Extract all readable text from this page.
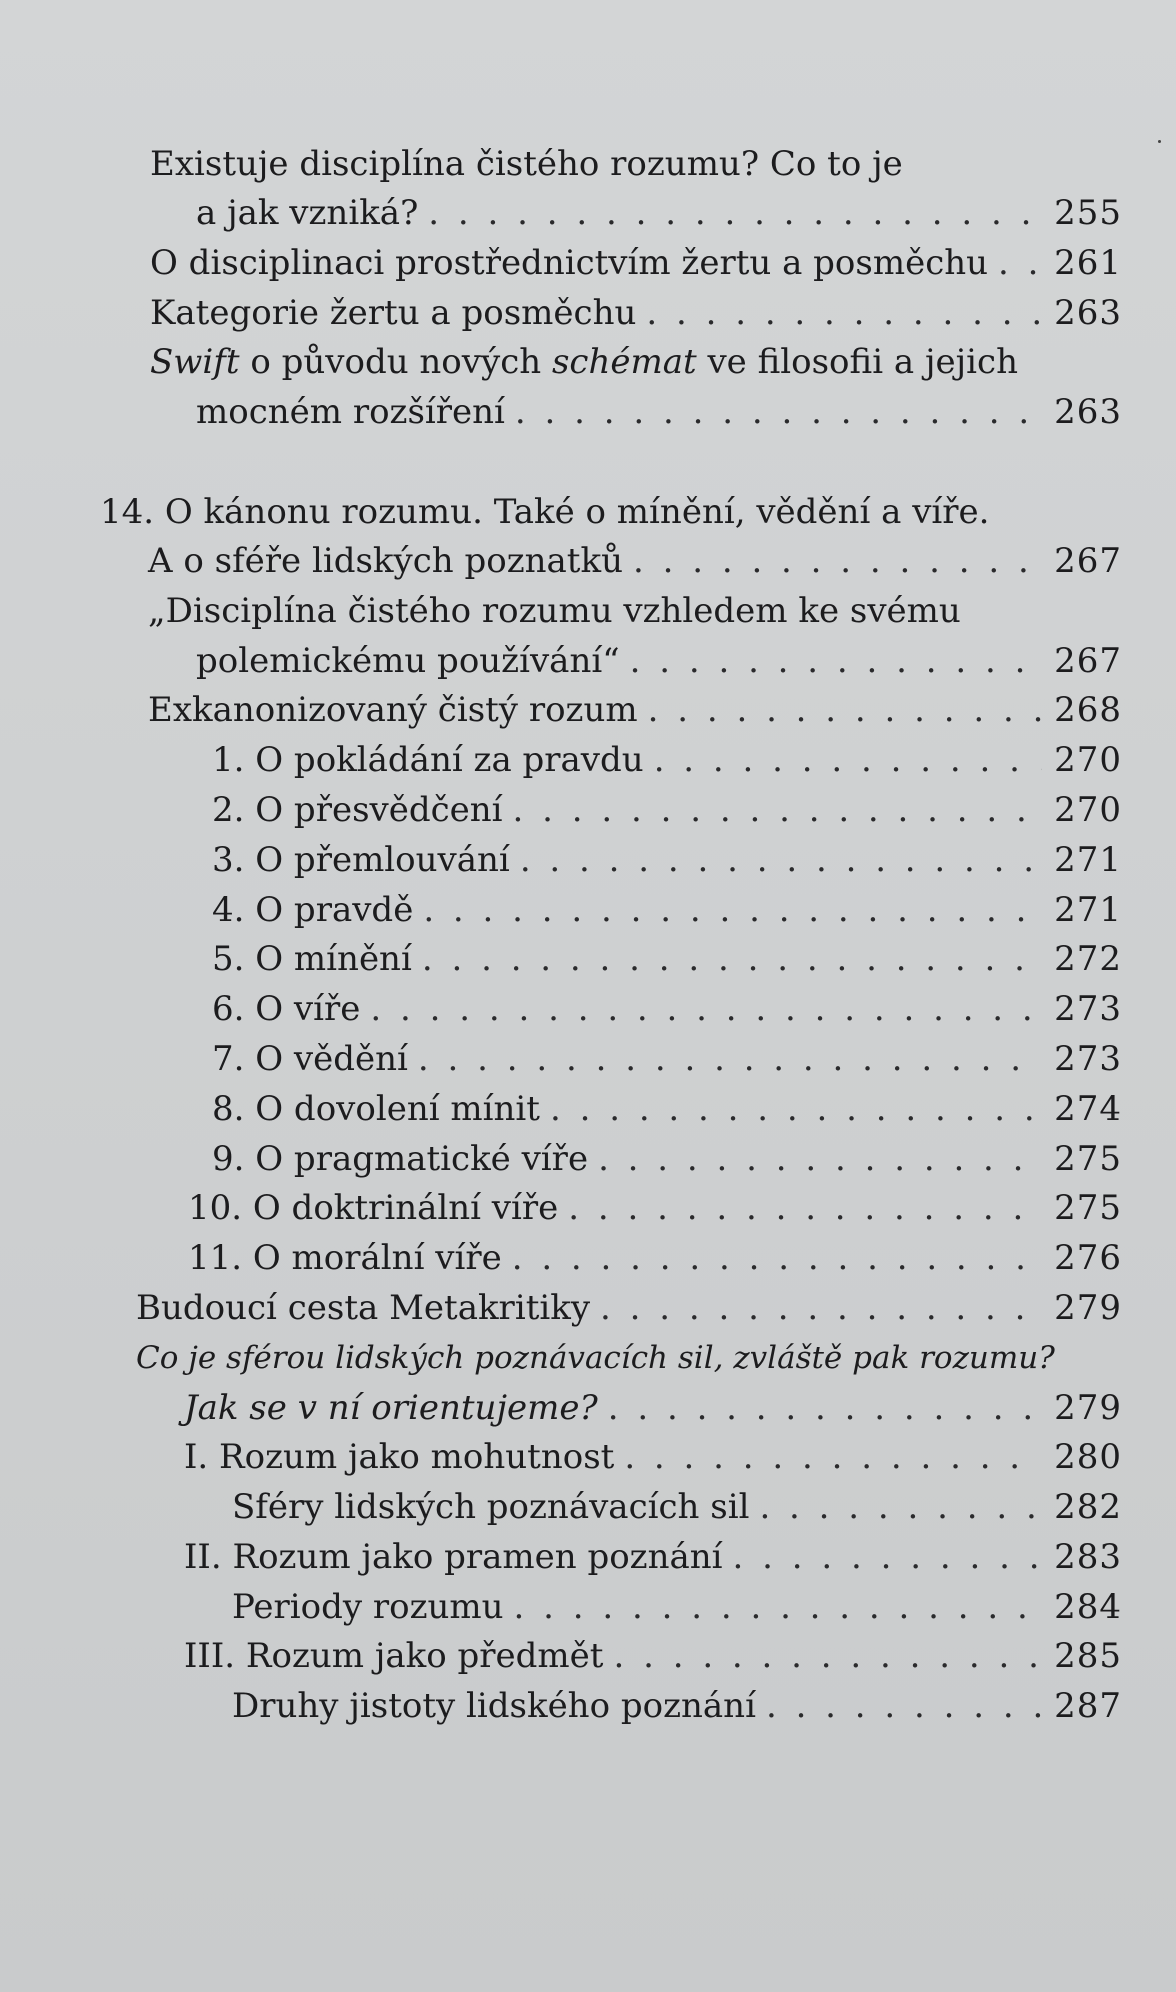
Existuje disciplína čistého rozumu? Co to je
a jak vzniká? . . .	255
O disciplinaci prostřednictvím žertu a posměchu . . . 261
Kategorie žertu a posměchu . . .	263
Swift o původu nových schémat ve filosofii a jejich
mocném rozšíření . . .	263
14. O kánonu rozumu. Také o mínění, vědění a víře.
A o sféře lidských poznatků . . .	267
„Disciplína čistého rozumu vzhledem ke svému
polemickému používání“ . . .	267
Exkanonizovaný čistý rozum . . .	268
1. O pokládání za pravdu . . .	270
2. O přesvědčení . . .	270
3. O přemlouvání . . .	271
4. O pravdě . . .	271
5. O mínění . . .	272
6. O víře . . .	273
7. O vědění . . .	273
8. O dovolení mínit . . .	274
9. O pragmatické víře . . .	275
10. O doktrinální víře . . .	275
11. O morální víře . . .	276
Budoucí cesta Metakritiky . . .	279
Co je sférou lidských poznávacích sil, zvláště pak rozumu?
Jak se v ní orientujeme? . . .	279
I. Rozum jako mohutnost . . .	280
Sféry lidských poznávacích sil . . .	282
II. Rozum jako pramen poznání . . .	283
Periody rozumu . . .	284
III. Rozum jako předmět . . .	285
Druhy jistoty lidského poznání . . .	287
